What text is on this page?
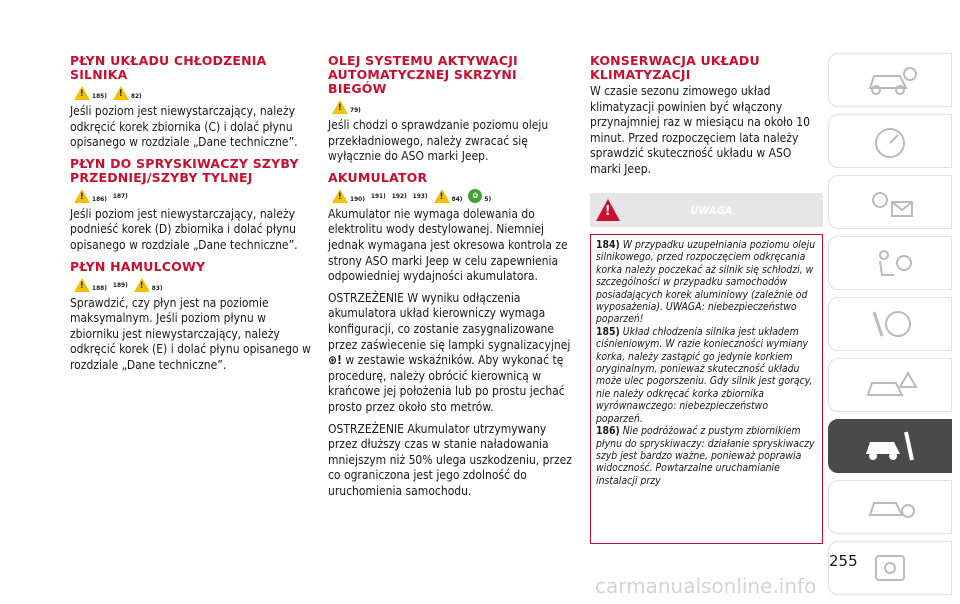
PŁYN UKŁADU CHŁODZENIA SILNIKA
!
185) !	82)

Jeśli poziom jest niewystarczający, należy odkręcić korek zbiornika (C) i dolać płynu opisanego w rozdziale „Dane techniczne”.

PŁYN DO SPRYSKIWACZY SZYBY PRZEDNIEJ/SZYBY TYLNEJ
!
186) 187)

Jeśli poziom jest niewystarczający, należy podnieść korek (D) zbiornika i dolać płynu opisanego w rozdziale „Dane techniczne”.

PŁYN HAMULCOWY
!
188) 189) !	83)

Sprawdzić, czy płyn jest na poziomie maksymalnym. Jeśli poziom płynu w zbiorniku jest niewystarczający, należy odkręcić korek (E) i dolać płynu opisanego w rozdziale „Dane techniczne”.

OLEJ SYSTEMU AKTYWACJI AUTOMATYCZNEJ SKRZYNI BIEGÓW
!
79)

Jeśli chodzi o sprawdzanie poziomu oleju przekładniowego, należy zwracać się wyłącznie do ASO marki Jeep.

AKUMULATOR
!
190) 191) 192) 193) !	84)	✿ 5)

Akumulator nie wymaga dolewania do elektrolitu wody destylowanej. Niemniej jednak wymagana jest okresowa kontrola ze strony ASO marki Jeep w celu zapewnienia odpowiedniej wydajności akumulatora.

OSTRZEŻENIE W wyniku odłączenia akumulatora układ kierowniczy wymaga konfiguracji, co zostanie zasygnalizowane przez zaświecenie się lampki sygnalizacyjnej ⊛! w zestawie wskaźników. Aby wykonać tę procedurę, należy obrócić kierownicą w krańcowe jej położenia lub po prostu jechać prosto przez około sto metrów.

OSTRZEŻENIE Akumulator utrzymywany przez dłuższy czas w stanie naładowania mniejszym niż 50% ulega uszkodzeniu, przez co ograniczona jest jego zdolność do uruchomienia samochodu.

KONSERWACJA UKŁADU KLIMATYZACJI

W czasie sezonu zimowego układ klimatyzacji powinien być włączony przynajmniej raz w miesiącu na około 10 minut. Przed rozpoczęciem lata należy sprawdzić skuteczność układu w ASO marki Jeep.

!
UWAGA

184) W przypadku uzupełniania poziomu oleju silnikowego, przed rozpoczęciem odkręcania korka należy poczekać aż silnik się schłodzi, w szczególności w przypadku samochodów posiadających korek aluminiowy (zależnie od wyposażenia). UWAGA: niebezpieczeństwo poparzeń!

185) Układ chłodzenia silnika jest układem ciśnieniowym. W razie konieczności wymiany korka, należy zastąpić go jedynie korkiem oryginalnym, ponieważ skuteczność układu może ulec pogorszeniu. Gdy silnik jest gorący, nie należy odkręcać korka zbiornika wyrównawczego: niebezpieczeństwo poparzeń.

186) Nie podróżować z pustym zbiornikiem płynu do spryskiwaczy: działanie spryskiwaczy szyb jest bardzo ważne, ponieważ poprawia widoczność. Powtarzalne uruchamianie instalacji przy

255
carmanualsonline.info
